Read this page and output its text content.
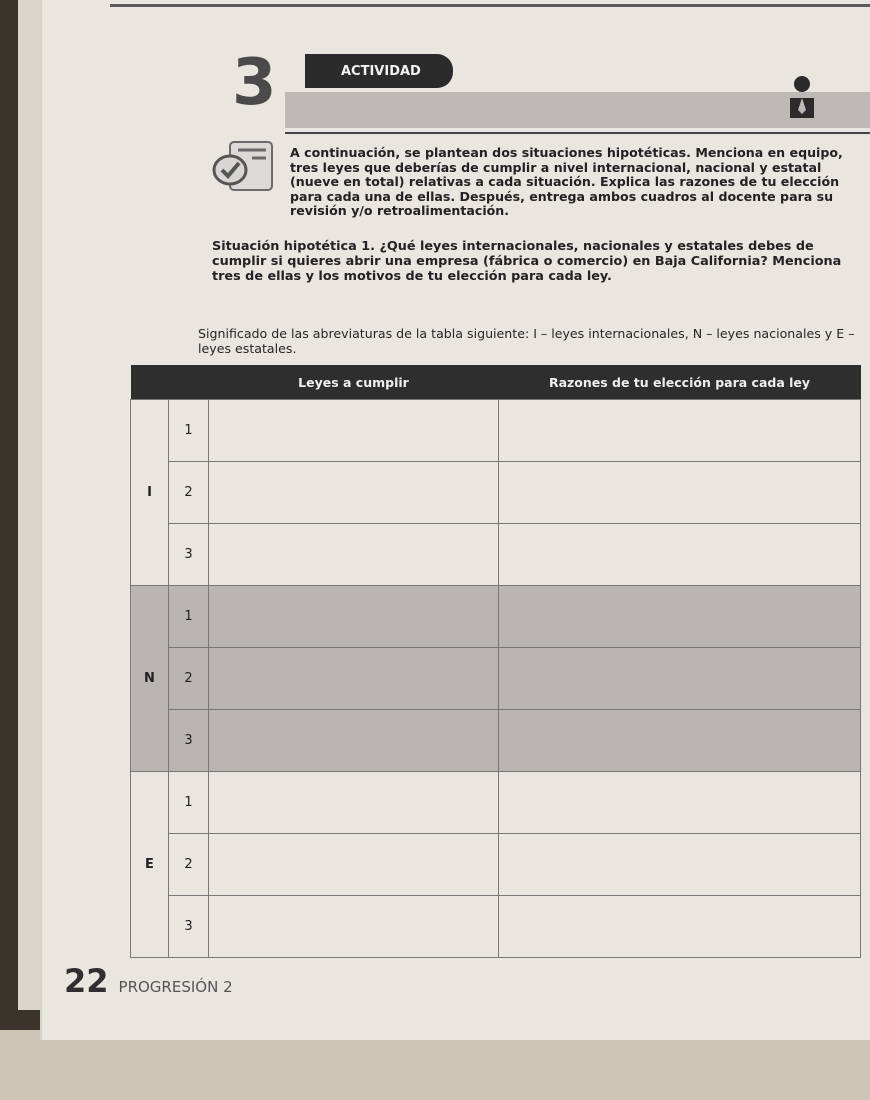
3	ACTIVIDAD
A continuación, se plantean dos situaciones hipotéticas. Menciona en equipo, tres leyes que deberías de cumplir a nivel internacional, nacional y estatal (nueve en total) relativas a cada situación. Explica las razones de tu elección para cada una de ellas. Después, entrega ambos cuadros al docente para su revisión y/o retroalimentación.
Situación hipotética 1. ¿Qué leyes internacionales, nacionales y estatales debes de cumplir si quieres abrir una empresa (fábrica o comercio) en Baja California? Menciona tres de ellas y los motivos de tu elección para cada ley.
Significado de las abreviaturas de la tabla siguiente: I – leyes internacionales, N – leyes nacionales y E – leyes estatales.
		Leyes a cumplir	Razones de tu elección para cada ley
I	1		
	2		
	3		
N	1		
	2		
	3		
E	1		
	2		
	3		
22 PROGRESIÓN 2
